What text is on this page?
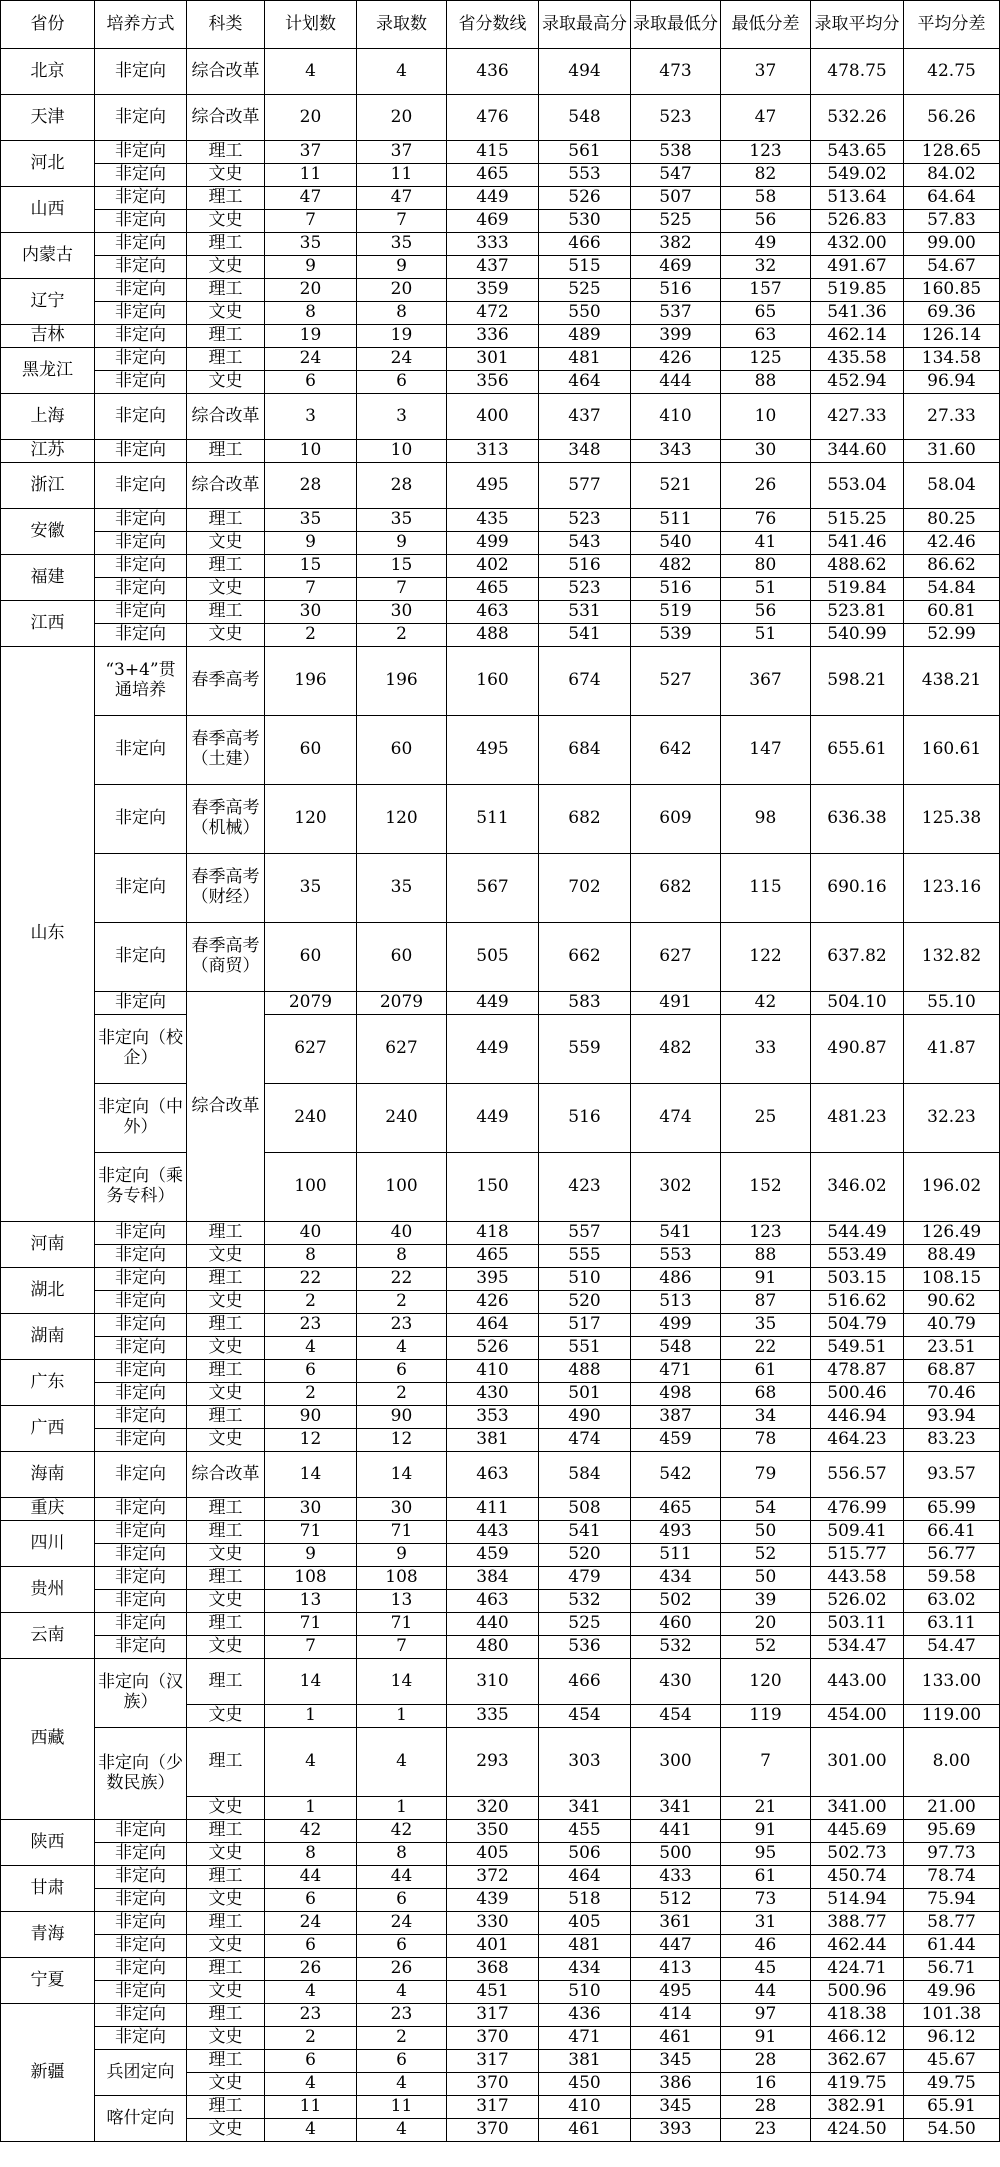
省份	培养方式	科类	计划数	录取数	省分数线	录取最高分	录取最低分	最低分差	录取平均分	平均分差
北京	非定向	综合改革	4	4	436	494	473	37	478.75	42.75
天津	非定向	综合改革	20	20	476	548	523	47	532.26	56.26
河北	非定向	理工	37	37	415	561	538	123	543.65	128.65
	非定向	文史	11	11	465	553	547	82	549.02	84.02
山西	非定向	理工	47	47	449	526	507	58	513.64	64.64
	非定向	文史	7	7	469	530	525	56	526.83	57.83
内蒙古	非定向	理工	35	35	333	466	382	49	432.00	99.00
	非定向	文史	9	9	437	515	469	32	491.67	54.67
辽宁	非定向	理工	20	20	359	525	516	157	519.85	160.85
	非定向	文史	8	8	472	550	537	65	541.36	69.36
吉林	非定向	理工	19	19	336	489	399	63	462.14	126.14
黑龙江	非定向	理工	24	24	301	481	426	125	435.58	134.58
	非定向	文史	6	6	356	464	444	88	452.94	96.94
上海	非定向	综合改革	3	3	400	437	410	10	427.33	27.33
江苏	非定向	理工	10	10	313	348	343	30	344.60	31.60
浙江	非定向	综合改革	28	28	495	577	521	26	553.04	58.04
安徽	非定向	理工	35	35	435	523	511	76	515.25	80.25
	非定向	文史	9	9	499	543	540	41	541.46	42.46
福建	非定向	理工	15	15	402	516	482	80	488.62	86.62
	非定向	文史	7	7	465	523	516	51	519.84	54.84
江西	非定向	理工	30	30	463	531	519	56	523.81	60.81
	非定向	文史	2	2	488	541	539	51	540.99	52.99
山东	“3+4”贯通培养	春季高考	196	196	160	674	527	367	598.21	438.21
	非定向	春季高考（土建）	60	60	495	684	642	147	655.61	160.61
	非定向	春季高考（机械）	120	120	511	682	609	98	636.38	125.38
	非定向	春季高考（财经）	35	35	567	702	682	115	690.16	123.16
	非定向	春季高考（商贸）	60	60	505	662	627	122	637.82	132.82
	非定向	综合改革	2079	2079	449	583	491	42	504.10	55.10
	非定向（校企）		627	627	449	559	482	33	490.87	41.87
	非定向（中外）		240	240	449	516	474	25	481.23	32.23
	非定向（乘务专科）		100	100	150	423	302	152	346.02	196.02
河南	非定向	理工	40	40	418	557	541	123	544.49	126.49
	非定向	文史	8	8	465	555	553	88	553.49	88.49
湖北	非定向	理工	22	22	395	510	486	91	503.15	108.15
	非定向	文史	2	2	426	520	513	87	516.62	90.62
湖南	非定向	理工	23	23	464	517	499	35	504.79	40.79
	非定向	文史	4	4	526	551	548	22	549.51	23.51
广东	非定向	理工	6	6	410	488	471	61	478.87	68.87
	非定向	文史	2	2	430	501	498	68	500.46	70.46
广西	非定向	理工	90	90	353	490	387	34	446.94	93.94
	非定向	文史	12	12	381	474	459	78	464.23	83.23
海南	非定向	综合改革	14	14	463	584	542	79	556.57	93.57
重庆	非定向	理工	30	30	411	508	465	54	476.99	65.99
四川	非定向	理工	71	71	443	541	493	50	509.41	66.41
	非定向	文史	9	9	459	520	511	52	515.77	56.77
贵州	非定向	理工	108	108	384	479	434	50	443.58	59.58
	非定向	文史	13	13	463	532	502	39	526.02	63.02
云南	非定向	理工	71	71	440	525	460	20	503.11	63.11
	非定向	文史	7	7	480	536	532	52	534.47	54.47
西藏	非定向（汉族）	理工	14	14	310	466	430	120	443.00	133.00
		文史	1	1	335	454	454	119	454.00	119.00
	非定向（少数民族）	理工	4	4	293	303	300	7	301.00	8.00
		文史	1	1	320	341	341	21	341.00	21.00
陕西	非定向	理工	42	42	350	455	441	91	445.69	95.69
	非定向	文史	8	8	405	506	500	95	502.73	97.73
甘肃	非定向	理工	44	44	372	464	433	61	450.74	78.74
	非定向	文史	6	6	439	518	512	73	514.94	75.94
青海	非定向	理工	24	24	330	405	361	31	388.77	58.77
	非定向	文史	6	6	401	481	447	46	462.44	61.44
宁夏	非定向	理工	26	26	368	434	413	45	424.71	56.71
	非定向	文史	4	4	451	510	495	44	500.96	49.96
新疆	非定向	理工	23	23	317	436	414	97	418.38	101.38
	非定向	文史	2	2	370	471	461	91	466.12	96.12
	兵团定向	理工	6	6	317	381	345	28	362.67	45.67
		文史	4	4	370	450	386	16	419.75	49.75
	喀什定向	理工	11	11	317	410	345	28	382.91	65.91
		文史	4	4	370	461	393	23	424.50	54.50
